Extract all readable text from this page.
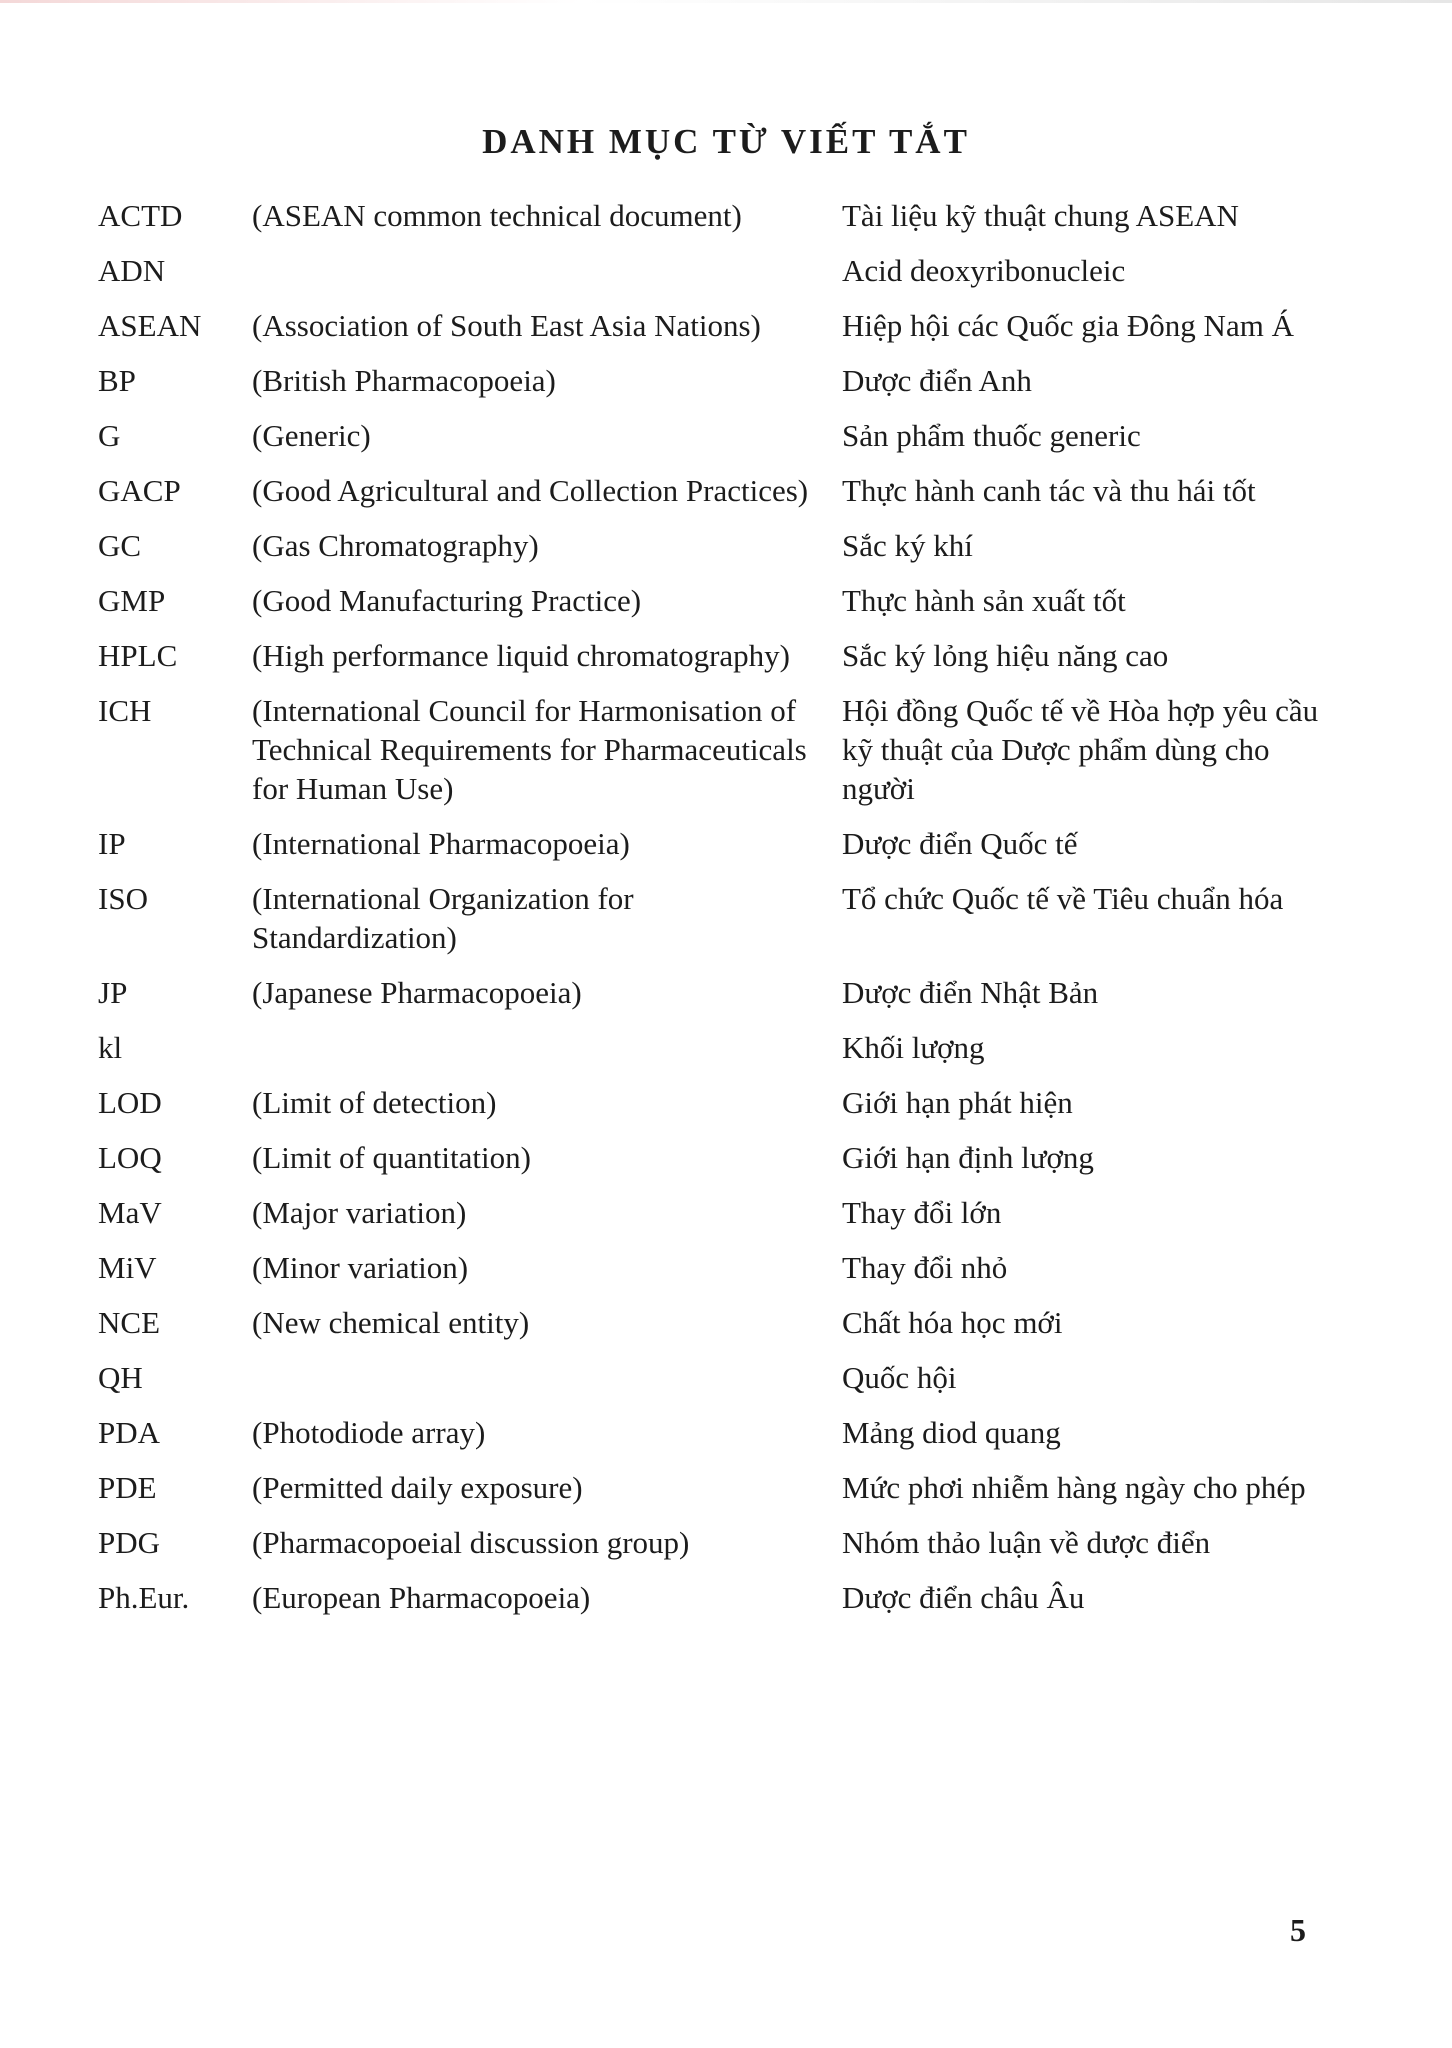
DANH MỤC TỪ VIẾT TẮT
ACTD	(ASEAN common technical document)	Tài liệu kỹ thuật chung ASEAN
ADN		Acid deoxyribonucleic
ASEAN	(Association of South East Asia Nations)	Hiệp hội các Quốc gia Đông Nam Á
BP	(British Pharmacopoeia)	Dược điển Anh
G	(Generic)	Sản phẩm thuốc generic
GACP	(Good Agricultural and Collection Practices)	Thực hành canh tác và thu hái tốt
GC	(Gas Chromatography)	Sắc ký khí
GMP	(Good Manufacturing Practice)	Thực hành sản xuất tốt
HPLC	(High performance liquid chromatography)	Sắc ký lỏng hiệu năng cao
ICH	(International Council for Harmonisation of Technical Requirements for Pharmaceuticals for Human Use)	Hội đồng Quốc tế về Hòa hợp yêu cầu kỹ thuật của Dược phẩm dùng cho người
IP	(International Pharmacopoeia)	Dược điển Quốc tế
ISO	(International Organization for Standardization)	Tổ chức Quốc tế về Tiêu chuẩn hóa
JP	(Japanese Pharmacopoeia)	Dược điển Nhật Bản
kl		Khối lượng
LOD	(Limit of detection)	Giới hạn phát hiện
LOQ	(Limit of quantitation)	Giới hạn định lượng
MaV	(Major variation)	Thay đổi lớn
MiV	(Minor variation)	Thay đổi nhỏ
NCE	(New chemical entity)	Chất hóa học mới
QH		Quốc hội
PDA	(Photodiode array)	Mảng diod quang
PDE	(Permitted daily exposure)	Mức phơi nhiễm hàng ngày cho phép
PDG	(Pharmacopoeial discussion group)	Nhóm thảo luận về dược điển
Ph.Eur.	(European Pharmacopoeia)	Dược điển châu Âu
5
